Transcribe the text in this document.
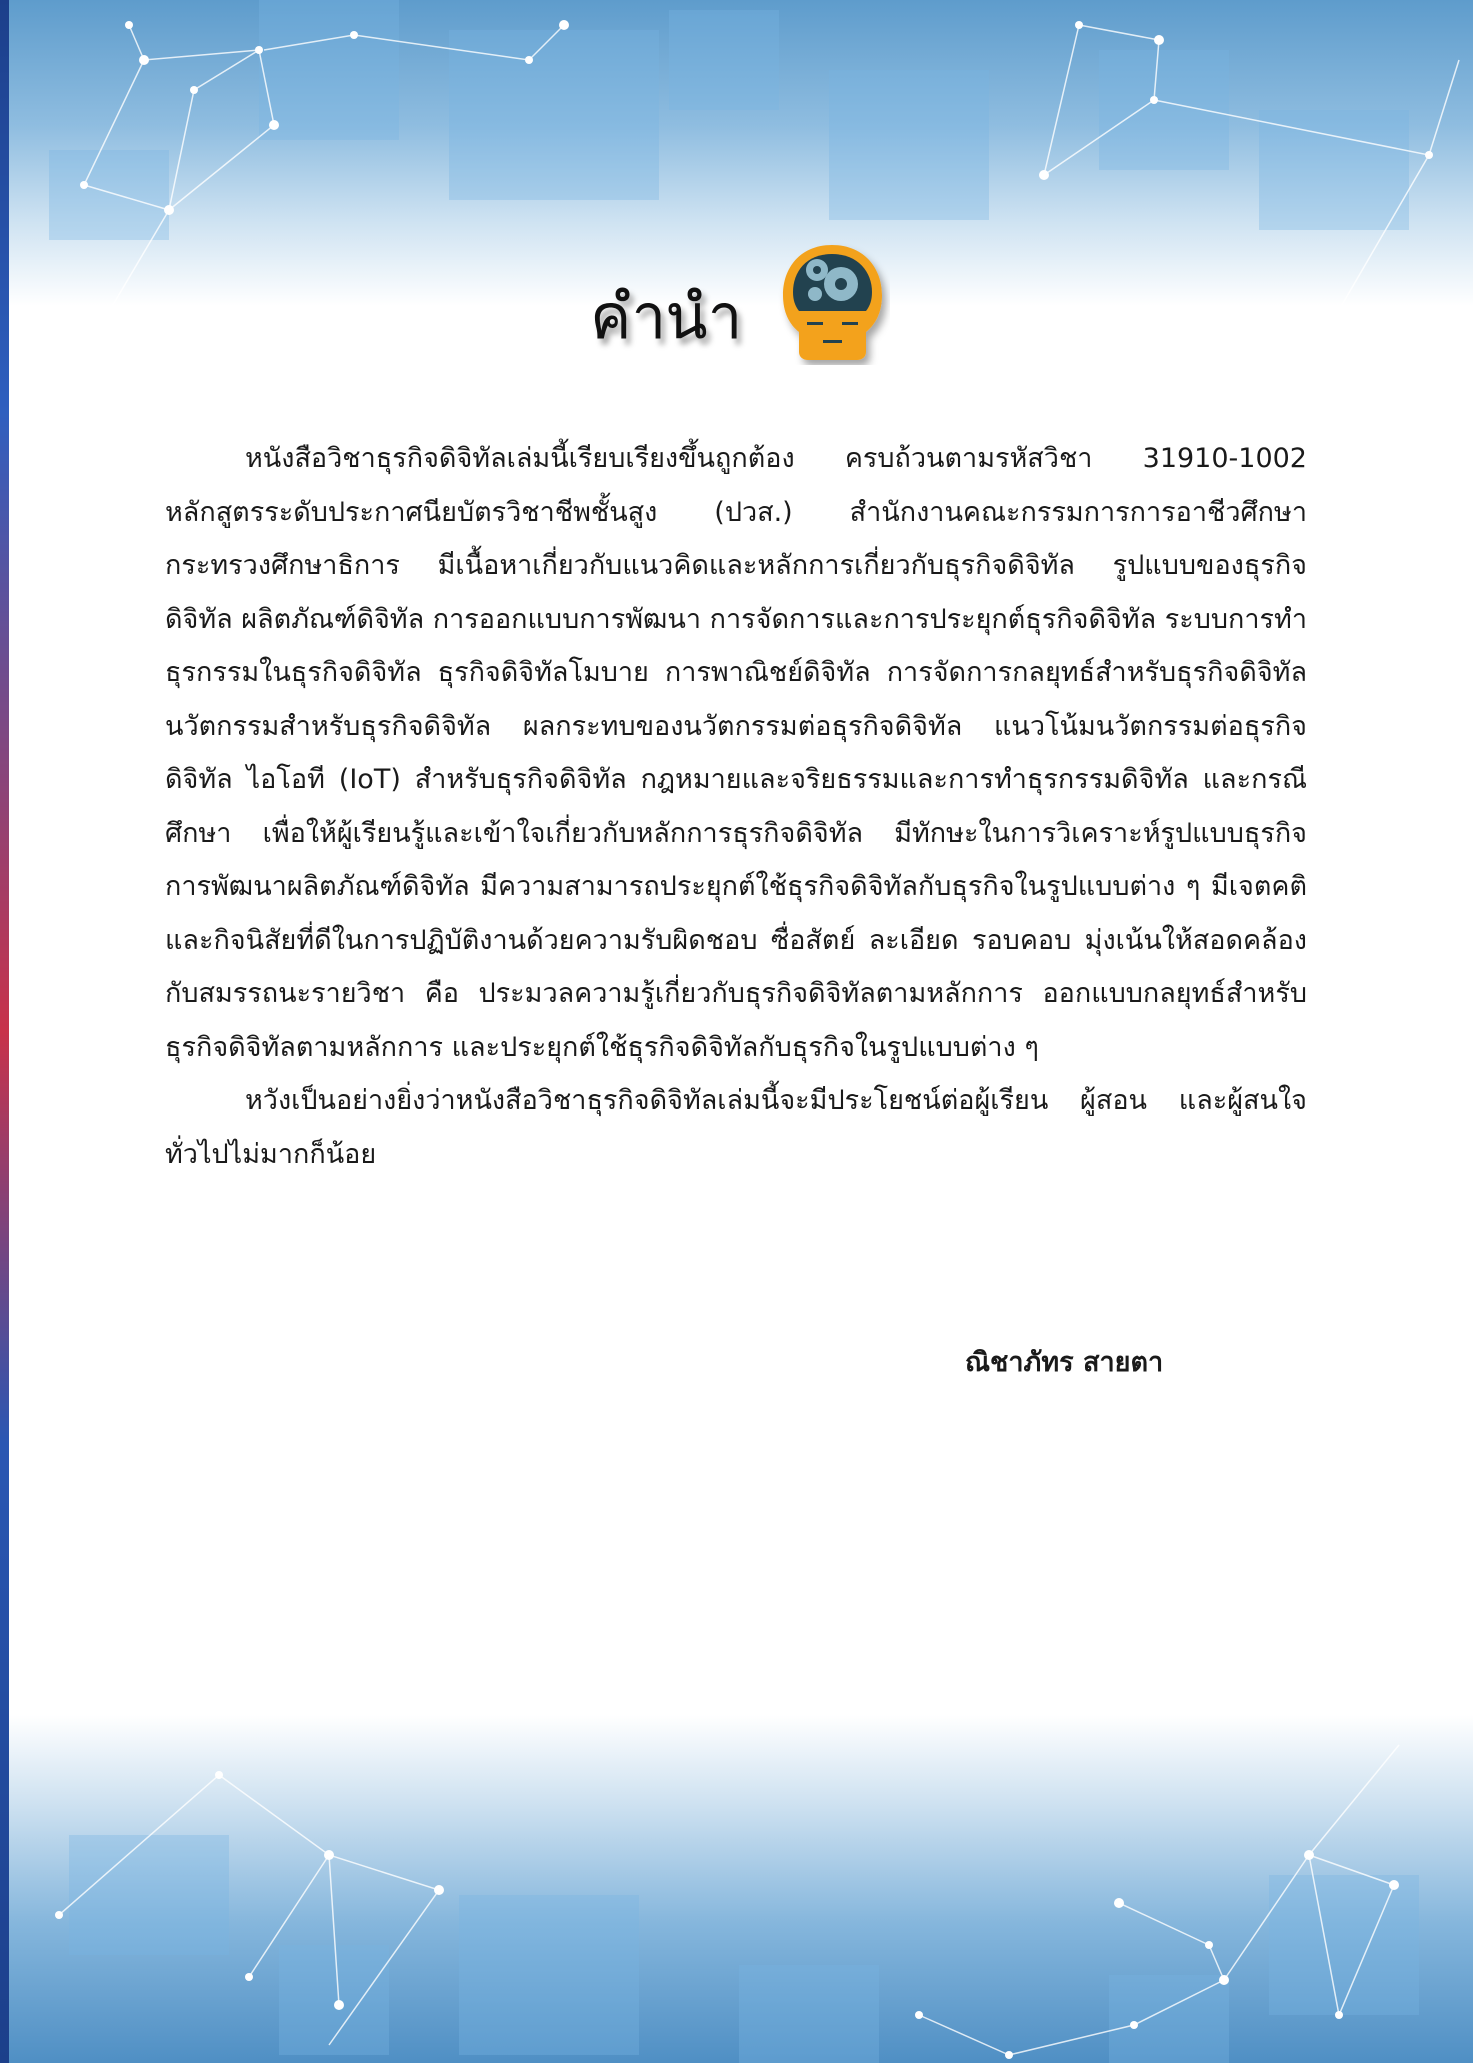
คำนำ

หนังสือวิชาธุรกิจดิจิทัลเล่มนี้เรียบเรียงขึ้นถูกต้อง ครบถ้วนตามรหัสวิชา 31910-1002 หลักสูตรระดับประกาศนียบัตรวิชาชีพชั้นสูง (ปวส.) สำนักงานคณะกรรมการการอาชีวศึกษา กระทรวงศึกษาธิการ มีเนื้อหาเกี่ยวกับแนวคิดและหลักการเกี่ยวกับธุรกิจดิจิทัล รูปแบบของธุรกิจดิจิทัล ผลิตภัณฑ์ดิจิทัล การออกแบบการพัฒนา การจัดการและการประยุกต์ธุรกิจดิจิทัล ระบบการทำธุรกรรมในธุรกิจดิจิทัล ธุรกิจดิจิทัลโมบาย การพาณิชย์ดิจิทัล การจัดการกลยุทธ์สำหรับธุรกิจดิจิทัล นวัตกรรมสำหรับธุรกิจดิจิทัล ผลกระทบของนวัตกรรมต่อธุรกิจดิจิทัล แนวโน้มนวัตกรรมต่อธุรกิจดิจิทัล ไอโอที (IoT) สำหรับธุรกิจดิจิทัล กฎหมายและจริยธรรมและการทำธุรกรรมดิจิทัล และกรณีศึกษา เพื่อให้ผู้เรียนรู้และเข้าใจเกี่ยวกับหลักการธุรกิจดิจิทัล มีทักษะในการวิเคราะห์รูปแบบธุรกิจ การพัฒนาผลิตภัณฑ์ดิจิทัล มีความสามารถประยุกต์ใช้ธุรกิจดิจิทัลกับธุรกิจในรูปแบบต่าง ๆ มีเจตคติและกิจนิสัยที่ดีในการปฏิบัติงานด้วยความรับผิดชอบ ซื่อสัตย์ ละเอียด รอบคอบ มุ่งเน้นให้สอดคล้องกับสมรรถนะรายวิชา คือ ประมวลความรู้เกี่ยวกับธุรกิจดิจิทัลตามหลักการ ออกแบบกลยุทธ์สำหรับธุรกิจดิจิทัลตามหลักการ และประยุกต์ใช้ธุรกิจดิจิทัลกับธุรกิจในรูปแบบต่าง ๆ

หวังเป็นอย่างยิ่งว่าหนังสือวิชาธุรกิจดิจิทัลเล่มนี้จะมีประโยชน์ต่อผู้เรียน ผู้สอน และผู้สนใจทั่วไปไม่มากก็น้อย

ณิชาภัทร สายตา
